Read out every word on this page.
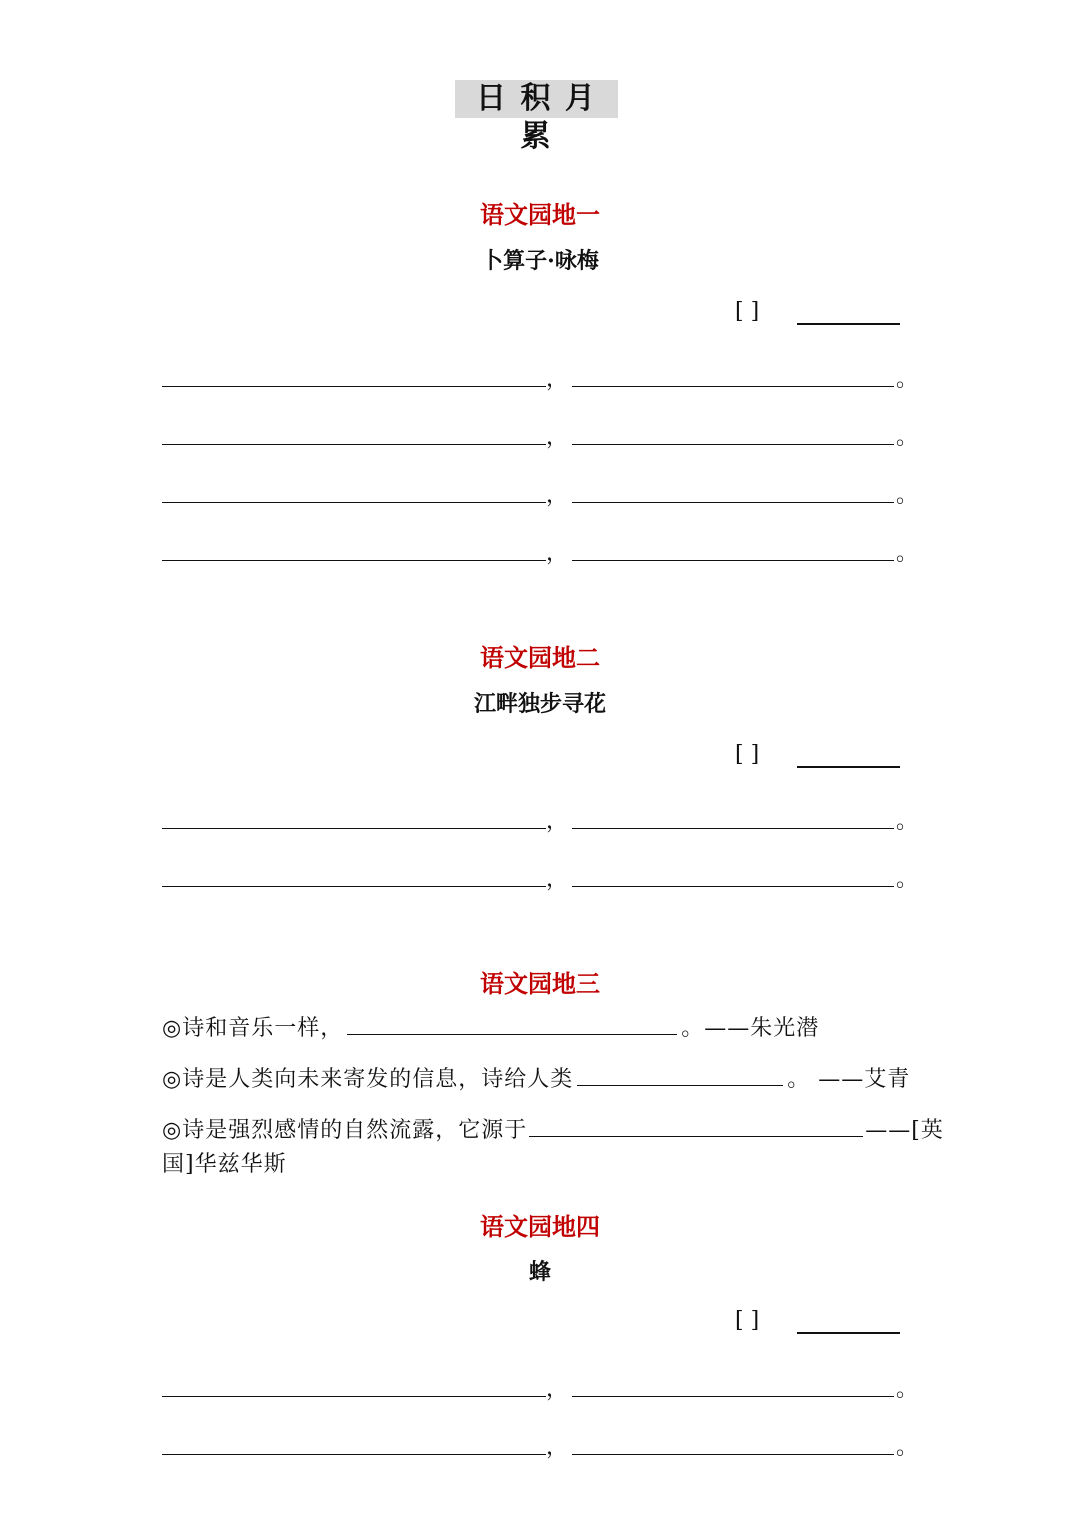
日 积 月 累
语文园地一
卜算子·咏梅
[ ]
，	。
，	。
，	。
，	。
语文园地二
江畔独步寻花
[ ]
，	。
，	。
语文园地三
◎诗和音乐一样，	。——朱光潜
◎诗是人类向未来寄发的信息，诗给人类	。 ——艾青
◎诗是强烈感情的自然流露，它源于	——[英
国]华兹华斯
语文园地四
蜂
[ ]
，	。
，	。
